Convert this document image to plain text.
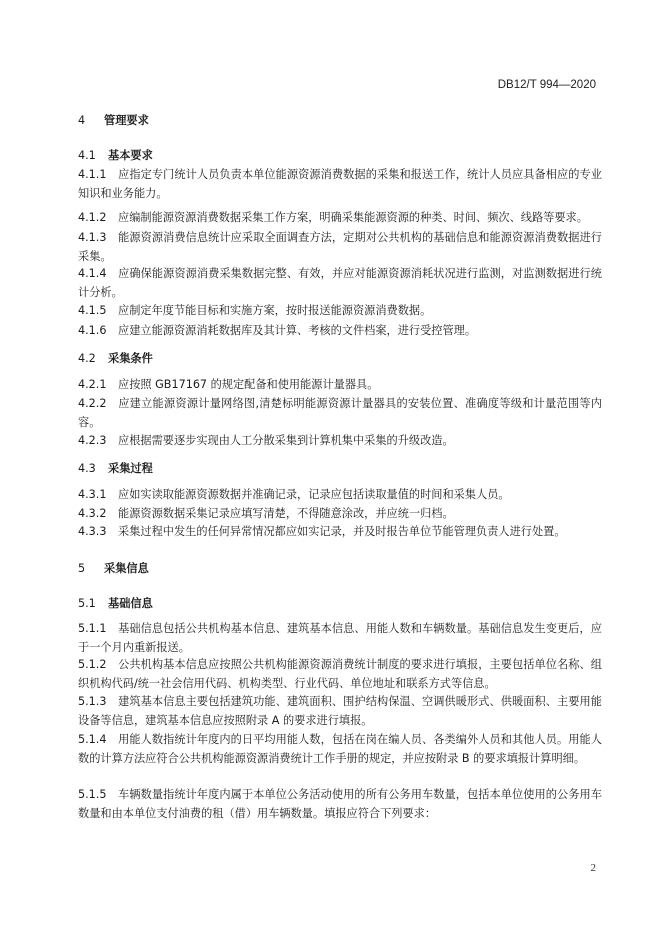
DB12/T 994—2020
4 管理要求
4.1 基本要求
4.1.1 应指定专门统计人员负责本单位能源资源消费数据的采集和报送工作，统计人员应具备相应的专业知识和业务能力。
4.1.2 应编制能源资源消费数据采集工作方案，明确采集能源资源的种类、时间、频次、线路等要求。
4.1.3 能源资源消费信息统计应采取全面调查方法，定期对公共机构的基础信息和能源资源消费数据进行采集。
4.1.4 应确保能源资源消费采集数据完整、有效，并应对能源资源消耗状况进行监测，对监测数据进行统计分析。
4.1.5 应制定年度节能目标和实施方案，按时报送能源资源消费数据。
4.1.6 应建立能源资源消耗数据库及其计算、考核的文件档案，进行受控管理。
4.2 采集条件
4.2.1 应按照 GB17167 的规定配备和使用能源计量器具。
4.2.2 应建立能源资源计量网络图,清楚标明能源资源计量器具的安装位置、准确度等级和计量范围等内容。
4.2.3 应根据需要逐步实现由人工分散采集到计算机集中采集的升级改造。
4.3 采集过程
4.3.1 应如实读取能源资源数据并准确记录，记录应包括读取量值的时间和采集人员。
4.3.2 能源资源数据采集记录应填写清楚，不得随意涂改，并应统一归档。
4.3.3 采集过程中发生的任何异常情况都应如实记录，并及时报告单位节能管理负责人进行处置。
5 采集信息
5.1 基础信息
5.1.1 基础信息包括公共机构基本信息、建筑基本信息、用能人数和车辆数量。基础信息发生变更后，应于一个月内重新报送。
5.1.2 公共机构基本信息应按照公共机构能源资源消费统计制度的要求进行填报，主要包括单位名称、组织机构代码/统一社会信用代码、机构类型、行业代码、单位地址和联系方式等信息。
5.1.3 建筑基本信息主要包括建筑功能、建筑面积、围护结构保温、空调供暖形式、供暖面积、主要用能设备等信息，建筑基本信息应按照附录 A 的要求进行填报。
5.1.4 用能人数指统计年度内的日平均用能人数，包括在岗在编人员、各类编外人员和其他人员。用能人数的计算方法应符合公共机构能源资源消费统计工作手册的规定，并应按附录 B 的要求填报计算明细。
5.1.5 车辆数量指统计年度内属于本单位公务活动使用的所有公务用车数量，包括本单位使用的公务用车数量和由本单位支付油费的租（借）用车辆数量。填报应符合下列要求：
2
